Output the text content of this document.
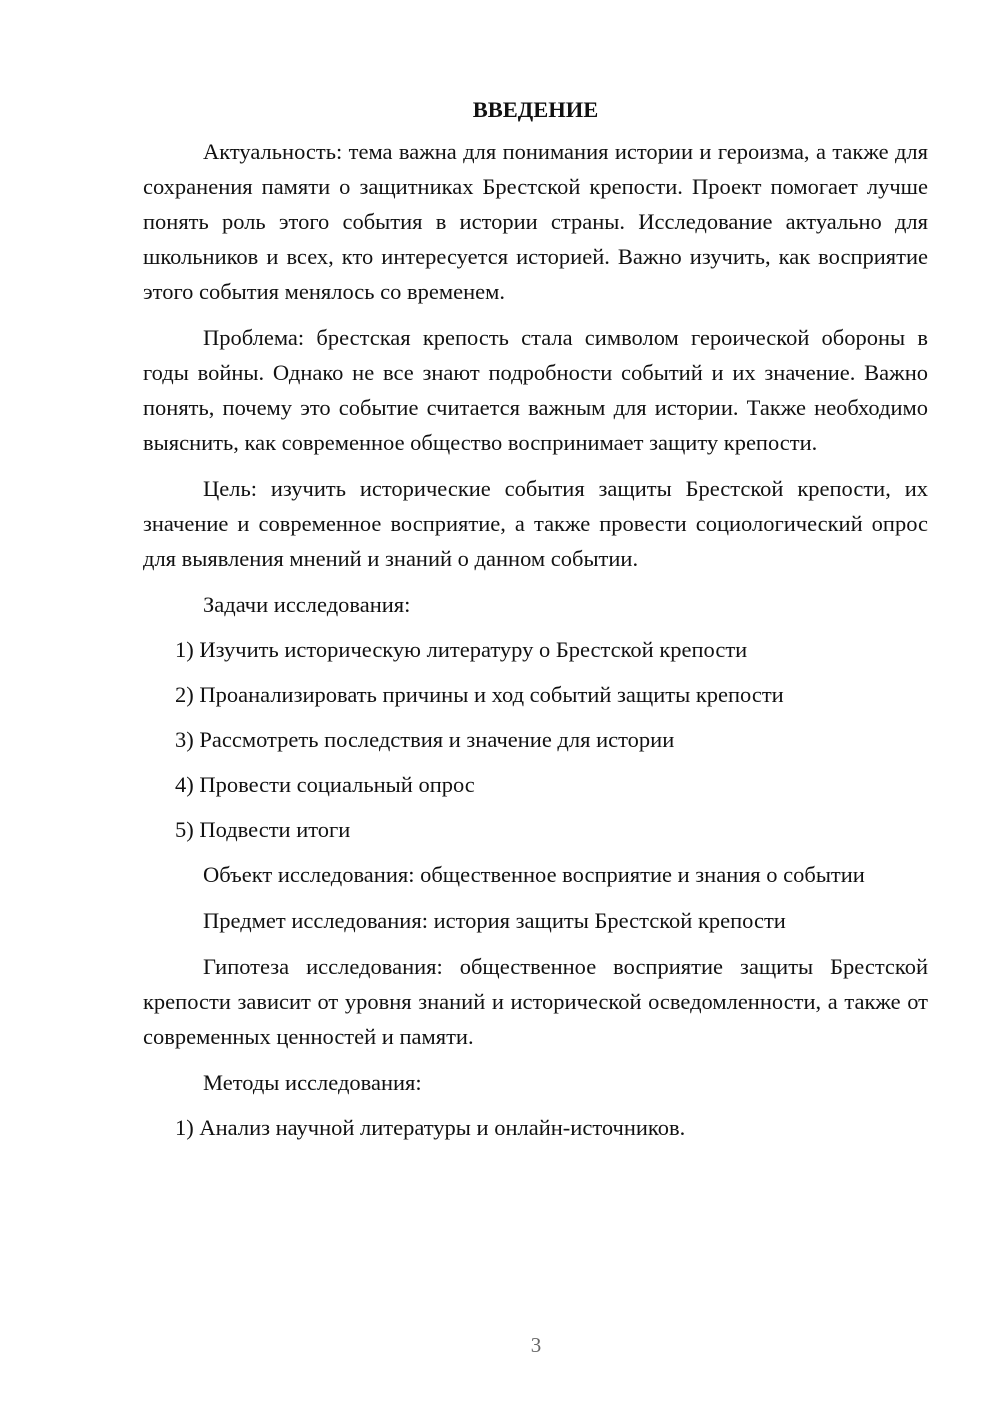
ВВЕДЕНИЕ
Актуальность: тема важна для понимания истории и героизма, а также для сохранения памяти о защитниках Брестской крепости. Проект помогает лучше понять роль этого события в истории страны. Исследование актуально для школьников и всех, кто интересуется историей. Важно изучить, как восприятие этого события менялось со временем.
Проблема: брестская крепость стала символом героической обороны в годы войны. Однако не все знают подробности событий и их значение. Важно понять, почему это событие считается важным для истории. Также необходимо выяснить, как современное общество воспринимает защиту крепости.
Цель: изучить исторические события защиты Брестской крепости, их значение и современное восприятие, а также провести социологический опрос для выявления мнений и знаний о данном событии.
Задачи исследования:
1) Изучить историческую литературу о Брестской крепости
2) Проанализировать причины и ход событий защиты крепости
3) Рассмотреть последствия и значение для истории
4) Провести социальный опрос
5) Подвести итоги
Объект исследования: общественное восприятие и знания о событии
Предмет исследования: история защиты Брестской крепости
Гипотеза исследования: общественное восприятие защиты Брестской крепости зависит от уровня знаний и исторической осведомленности, а также от современных ценностей и памяти.
Методы исследования:
1) Анализ научной литературы и онлайн-источников.
3
